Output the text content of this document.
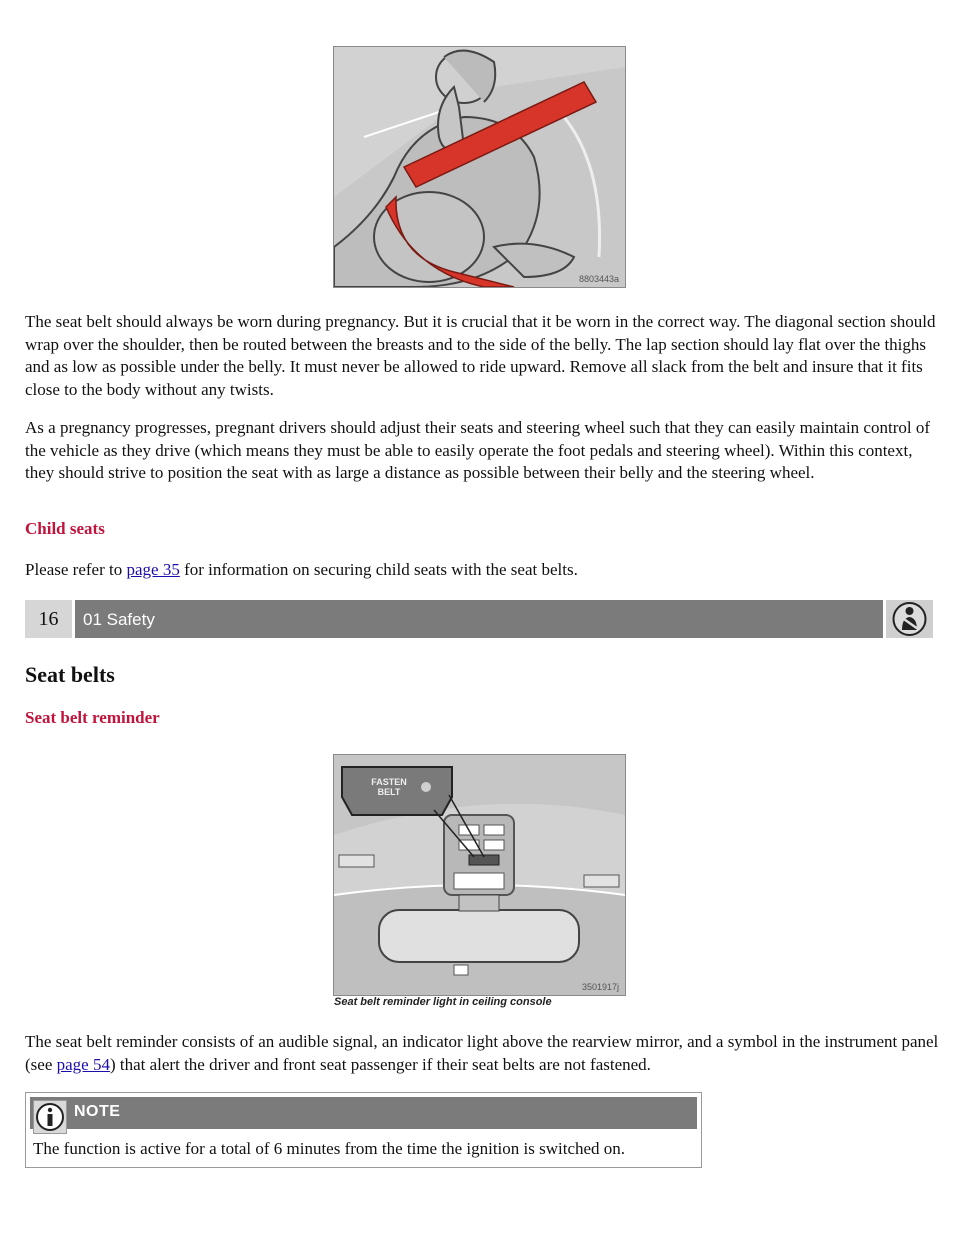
8803443a

The seat belt should always be worn during pregnancy. But it is crucial that it be worn in the correct way. The diagonal section should wrap over the shoulder, then be routed between the breasts and to the side of the belly. The lap section should lay flat over the thighs and as low as possible under the belly. It must never be allowed to ride upward. Remove all slack from the belt and insure that it fits close to the body without any twists.

As a pregnancy progresses, pregnant drivers should adjust their seats and steering wheel such that they can easily maintain control of the vehicle as they drive (which means they must be able to easily operate the foot pedals and steering wheel). Within this context, they should strive to position the seat with as large a distance as possible between their belly and the steering wheel.

Child seats

Please refer to page 35 for information on securing child seats with the seat belts.

16	01 Safety
Seat belts
Seat belt reminder
FASTEN
BELT
3501917j

Seat belt reminder light in ceiling console

The seat belt reminder consists of an audible signal, an indicator light above the rearview mirror, and a symbol in the instrument panel (see page 54) that alert the driver and front seat passenger if their seat belts are not fastened.

NOTE

The function is active for a total of 6 minutes from the time the ignition is switched on.
